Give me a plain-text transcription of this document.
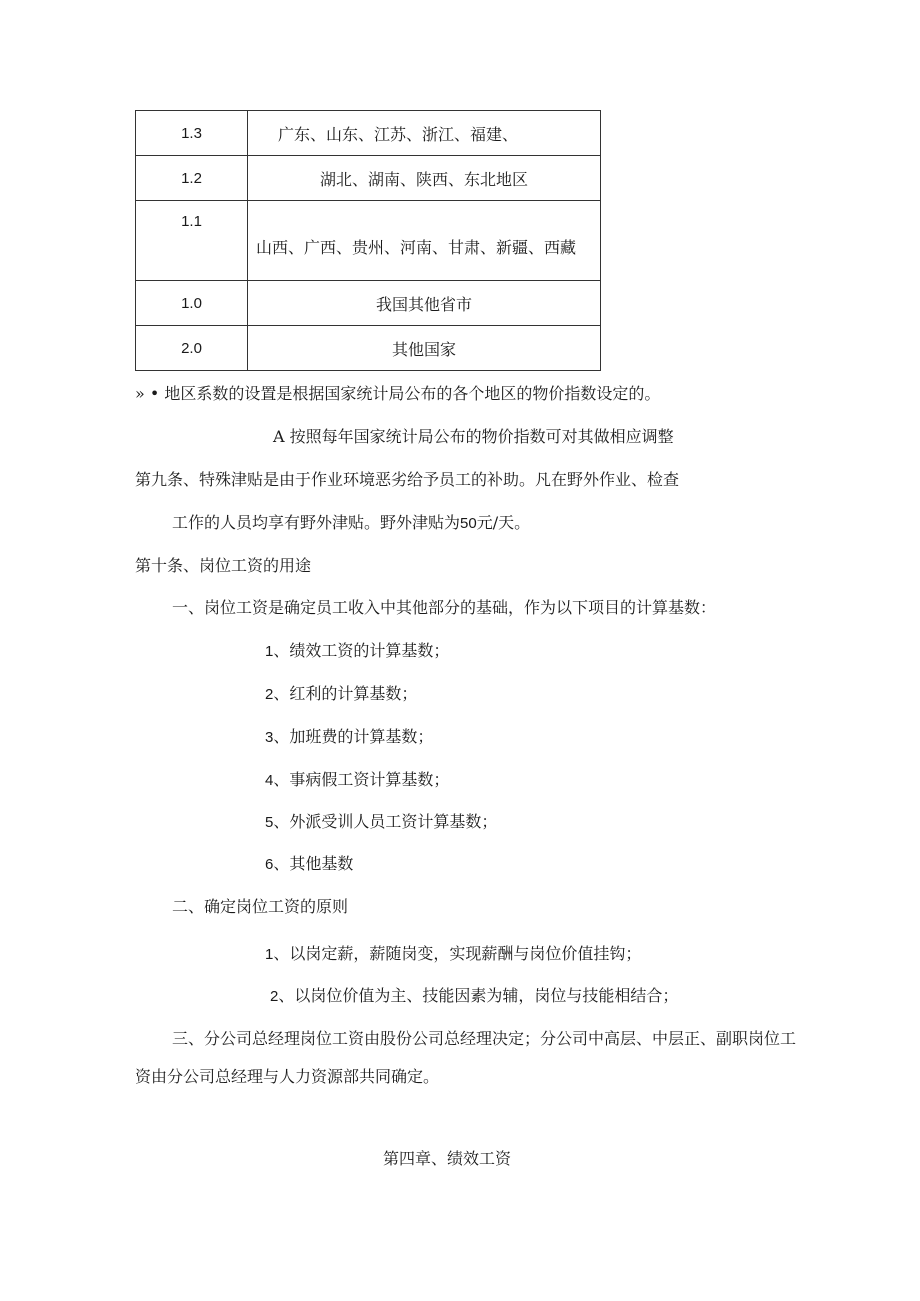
1.3	广东、山东、江苏、浙江、福建、
1.2	湖北、湖南、陕西、东北地区
1.1	山西、广西、贵州、河南、甘肃、新疆、西藏
1.0	我国其他省市
2.0	其他国家
» • 地区系数的设置是根据国家统计局公布的各个地区的物价指数设定的。
A 按照每年国家统计局公布的物价指数可对其做相应调整
第九条、特殊津贴是由于作业环境恶劣给予员工的补助。凡在野外作业、检查
工作的人员均享有野外津贴。野外津贴为50元/天。
第十条、岗位工资的用途
一、岗位工资是确定员工收入中其他部分的基础，作为以下项目的计算基数：
1、绩效工资的计算基数；
2、红利的计算基数；
3、加班费的计算基数；
4、事病假工资计算基数；
5、外派受训人员工资计算基数；
6、其他基数
二、确定岗位工资的原则
1、以岗定薪，薪随岗变，实现薪酬与岗位价值挂钩；
2、以岗位价值为主、技能因素为辅，岗位与技能相结合；
三、分公司总经理岗位工资由股份公司总经理决定；分公司中高层、中层正、副职岗位工
资由分公司总经理与人力资源部共同确定。
第四章、绩效工资
